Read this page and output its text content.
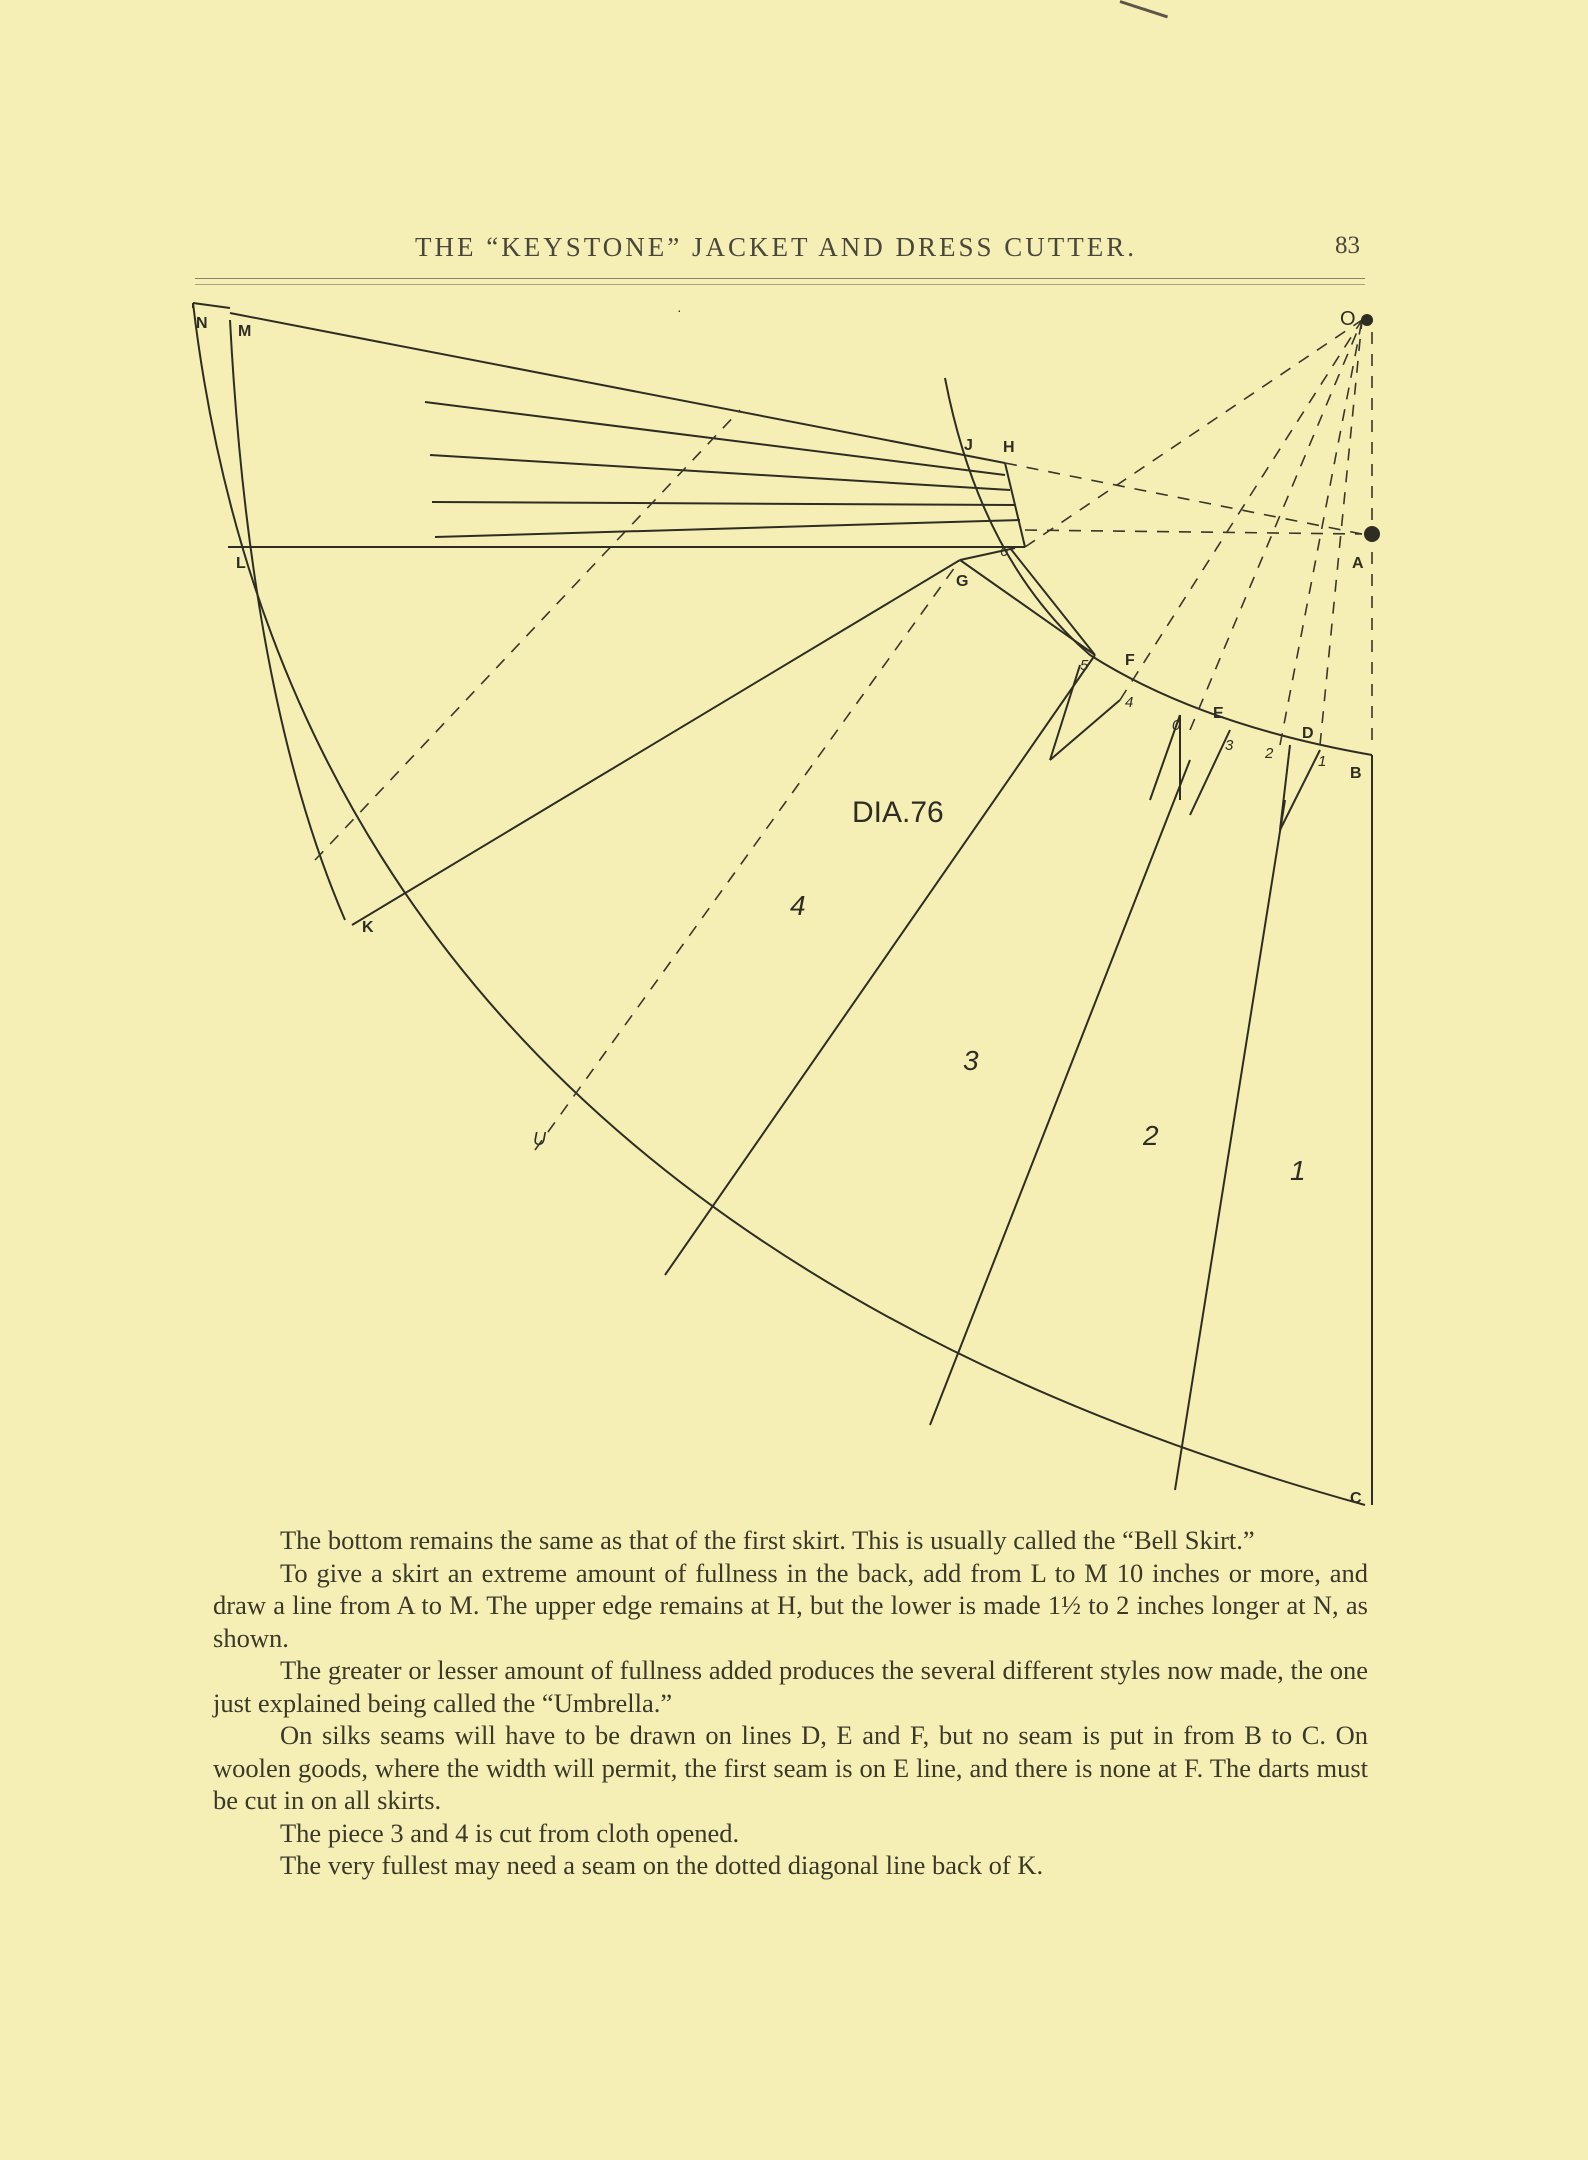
THE “KEYSTONE” JACKET AND DRESS CUTTER.	83
N M
O
J H
A
L
G
F
E
D
B
K
C
6
5
4
0
3 2	1
DIA.76
4
3
2
1
U
·

The bottom remains the same as that of the first skirt. This is usually called the “Bell Skirt.”

To give a skirt an extreme amount of fullness in the back, add from L to M 10 inches or more, and draw a line from A to M. The upper edge remains at H, but the lower is made 1½ to 2 inches longer at N, as shown.

The greater or lesser amount of fullness added produces the several different styles now made, the one just explained being called the “Umbrella.”

On silks seams will have to be drawn on lines D, E and F, but no seam is put in from B to C. On woolen goods, where the width will permit, the first seam is on E line, and there is none at F. The darts must be cut in on all skirts.

The piece 3 and 4 is cut from cloth opened.

The very fullest may need a seam on the dotted diagonal line back of K.
